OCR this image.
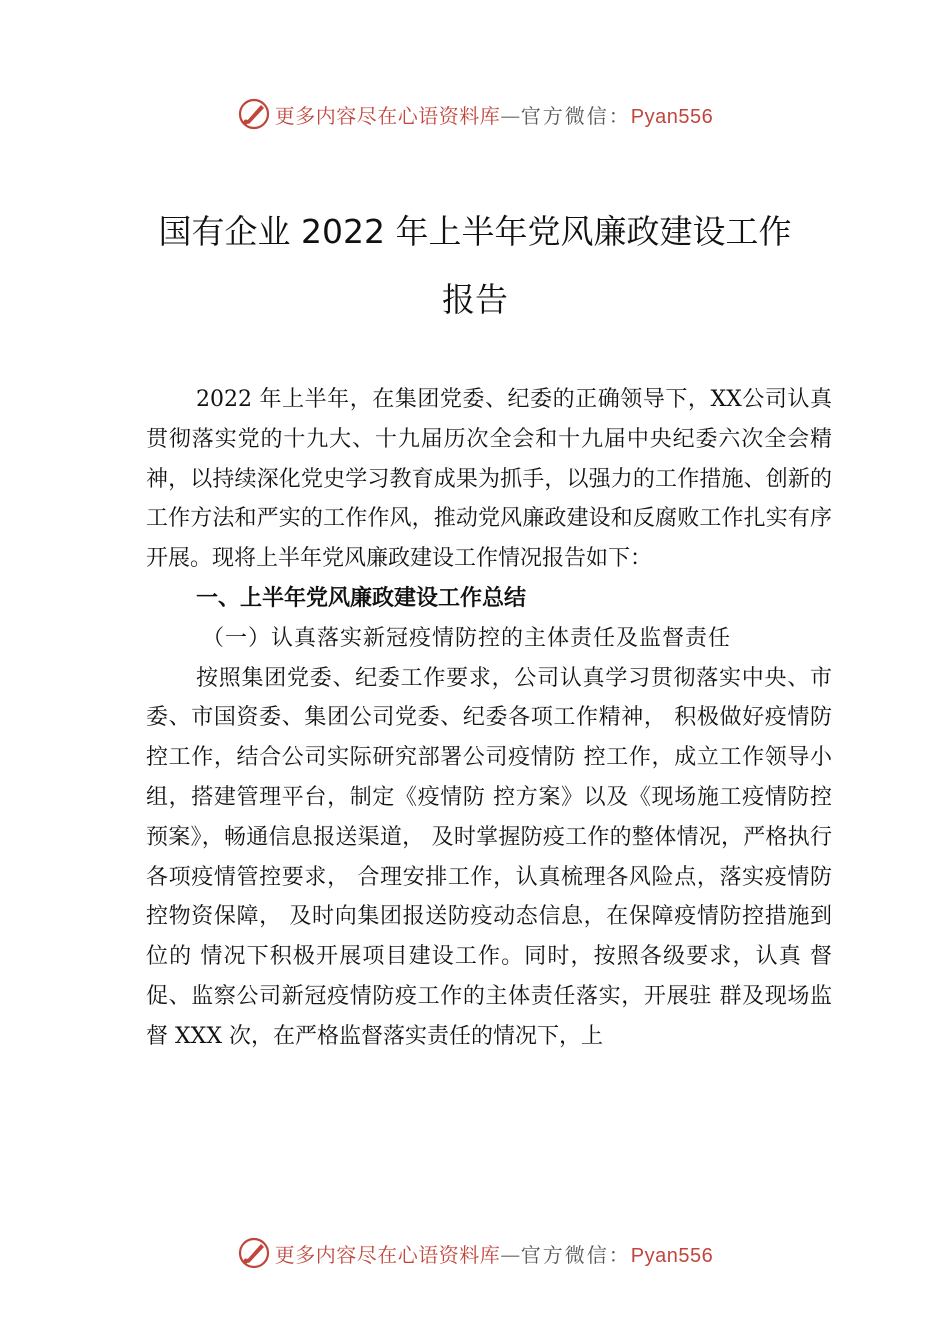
更多内容尽在心语资料库—官方微信：Pyan556
国有企业 2022 年上半年党风廉政建设工作
报告

2022 年上半年，在集团党委、纪委的正确领导下，XX公司认真贯彻落实党的十九大、十九届历次全会和十九届中央纪委六次全会精神，以持续深化党史学习教育成果为抓手，以强力的工作措施、创新的工作方法和严实的工作作风，推动党风廉政建设和反腐败工作扎实有序开展。现将上半年党风廉政建设工作情况报告如下：

一、上半年党风廉政建设工作总结

（一）认真落实新冠疫情防控的主体责任及监督责任

按照集团党委、纪委工作要求，公司认真学习贯彻落实中央、市委、市国资委、集团公司党委、纪委各项工作精神， 积极做好疫情防控工作，结合公司实际研究部署公司疫情防 控工作，成立工作领导小组，搭建管理平台，制定《疫情防 控方案》以及《现场施工疫情防控预案》，畅通信息报送渠道， 及时掌握防疫工作的整体情况，严格执行各项疫情管控要求， 合理安排工作，认真梳理各风险点，落实疫情防控物资保障， 及时向集团报送防疫动态信息，在保障疫情防控措施到位的 情况下积极开展项目建设工作。同时，按照各级要求，认真 督促、监察公司新冠疫情防疫工作的主体责任落实，开展驻 群及现场监督 XXX 次，在严格监督落实责任的情况下，上

更多内容尽在心语资料库—官方微信：Pyan556
